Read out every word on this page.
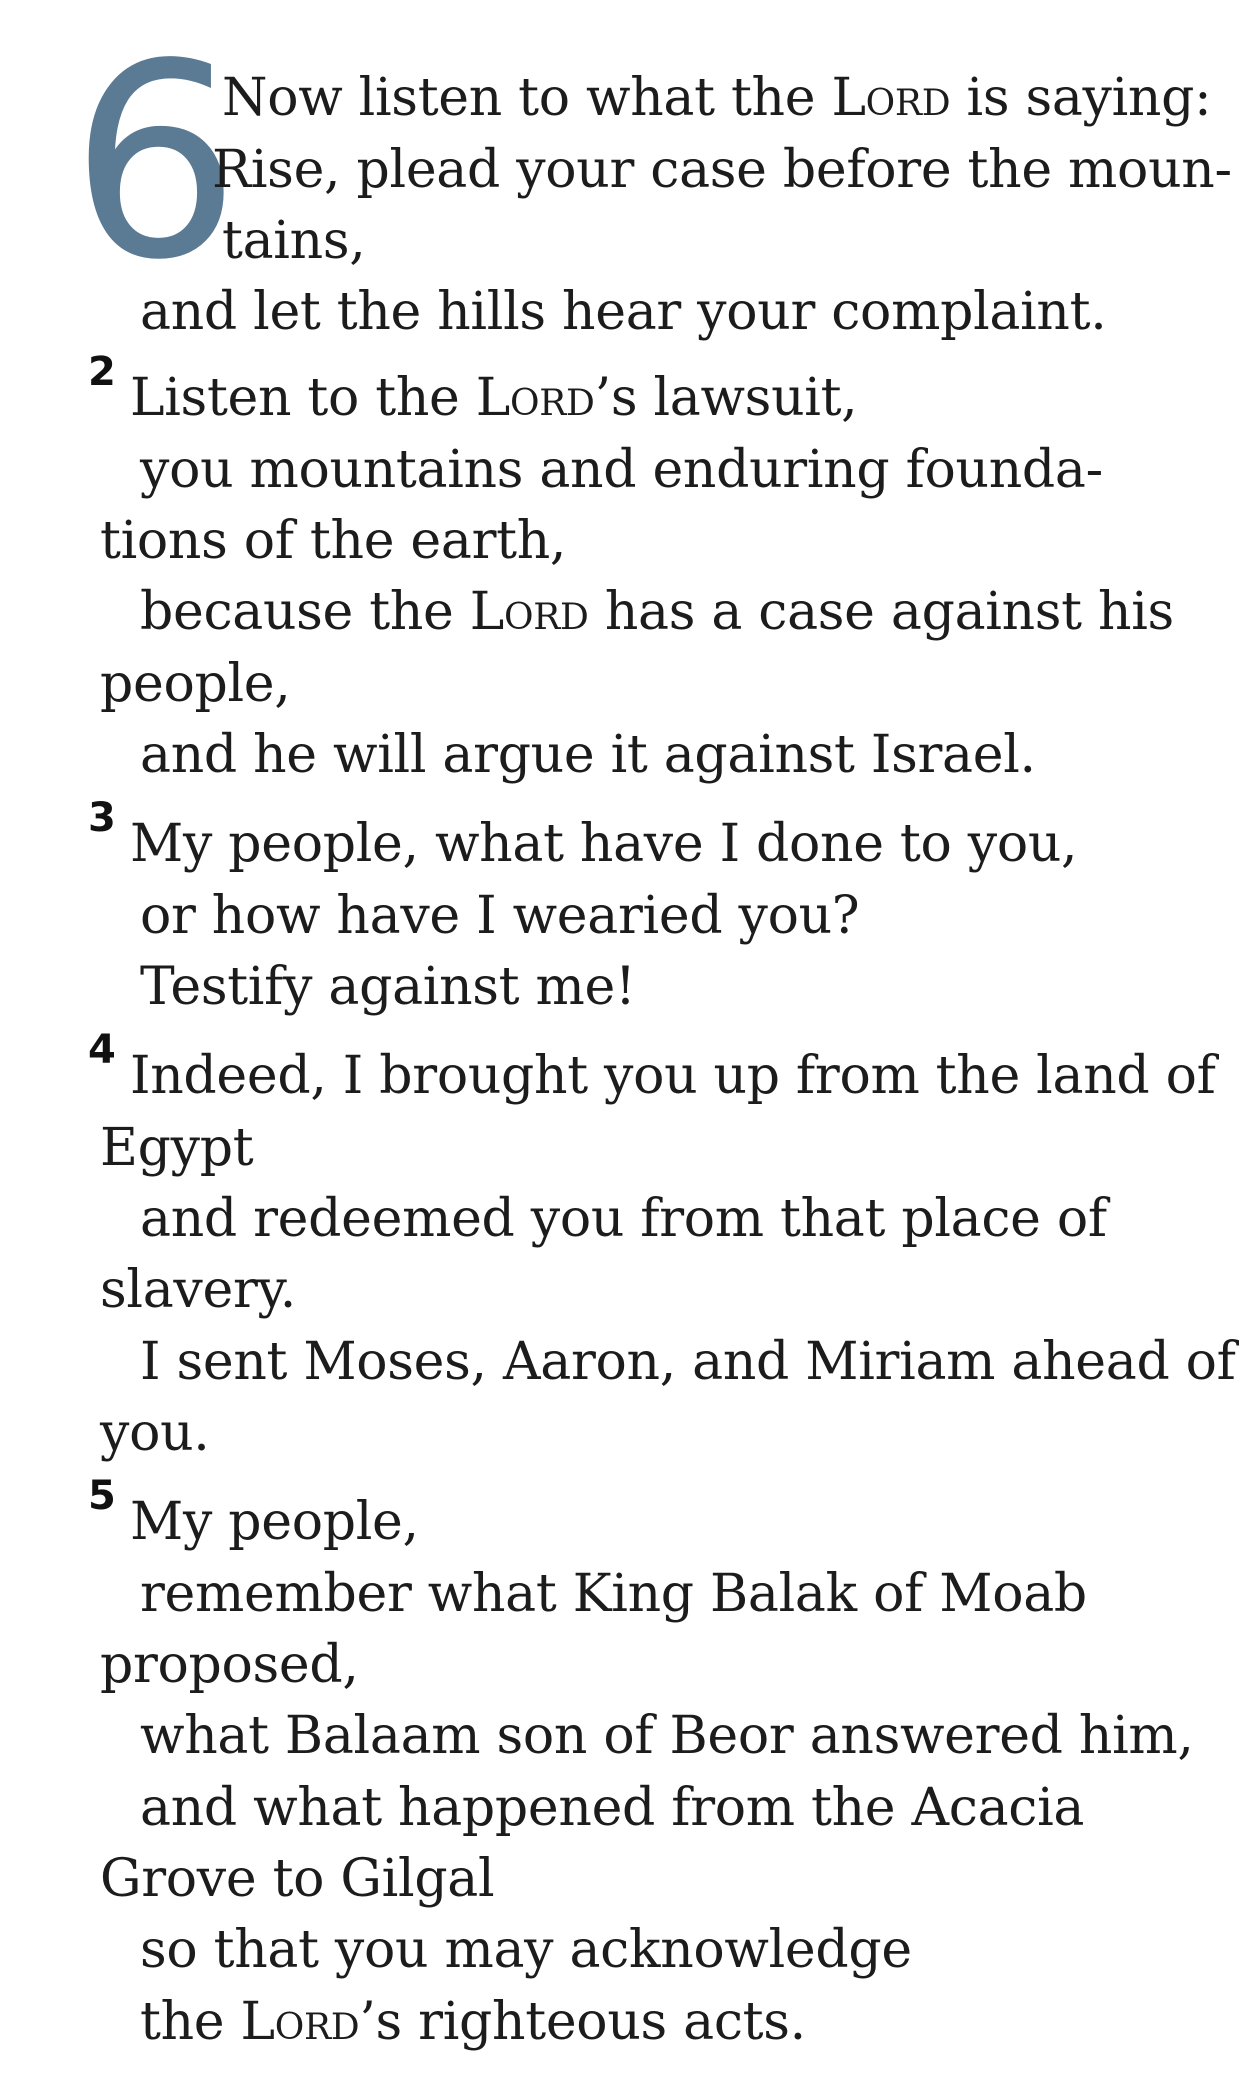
6
Now listen to what the Lord is saying:
Rise, plead your case before the moun-
tains,
and let the hills hear your complaint.
2 Listen to the Lord’s lawsuit,
you mountains and enduring founda-
tions of the earth,
because the Lord has a case against his
people,
and he will argue it against Israel.
3 My people, what have I done to you,
or how have I wearied you?
Testify against me!
4 Indeed, I brought you up from the land of
Egypt
and redeemed you from that place of
slavery.
I sent Moses, Aaron, and Miriam ahead of
you.
5 My people,
remember what King Balak of Moab
proposed,
what Balaam son of Beor answered him,
and what happened from the Acacia
Grove to Gilgal
so that you may acknowledge
the Lord’s righteous acts.
